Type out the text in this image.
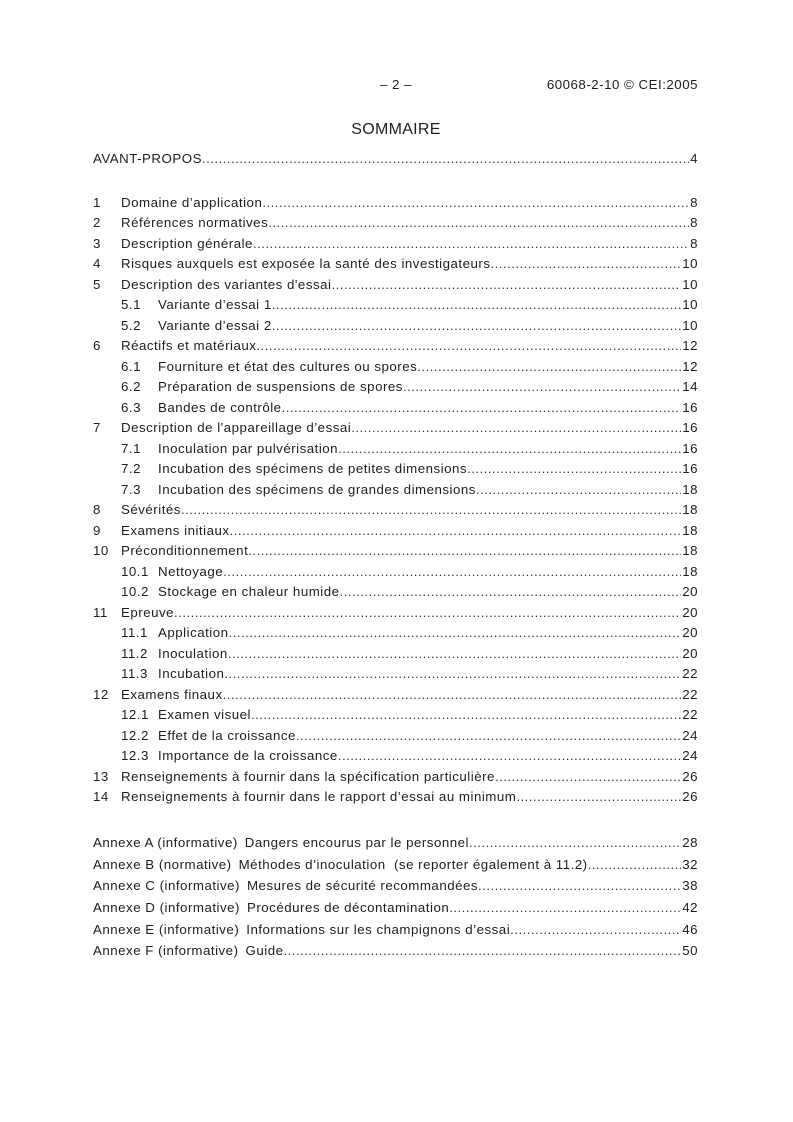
– 2 –	60068-2-10 © CEI:2005
SOMMAIRE
AVANT-PROPOS .....	4
1	Domaine d’application .....	8
2	Références normatives .....	8
3	Description générale .....	8
4	Risques auxquels est exposée la santé des investigateurs .....	10
5	Description des variantes d'essai .....	10
5.1	Variante d’essai 1 .....	10
5.2	Variante d’essai 2 .....	10
6	Réactifs et matériaux .....	12
6.1	Fourniture et état des cultures ou spores .....	12
6.2	Préparation de suspensions de spores .....	14
6.3	Bandes de contrôle .....	16
7	Description de l'appareillage d’essai .....	16
7.1	Inoculation par pulvérisation .....	16
7.2	Incubation des spécimens de petites dimensions .....	16
7.3	Incubation des spécimens de grandes dimensions .....	18
8	Sévérités .....	18
9	Examens initiaux .....	18
10 Préconditionnement .....	18
10.1 Nettoyage .....	18
10.2 Stockage en chaleur humide .....	20
11 Epreuve .....	20
11.1 Application .....	20
11.2 Inoculation .....	20
11.3 Incubation .....	22
12 Examens finaux .....	22
12.1 Examen visuel .....	22
12.2 Effet de la croissance .....	24
12.3 Importance de la croissance .....	24
13 Renseignements à fournir dans la spécification particulière .....	26
14 Renseignements à fournir dans le rapport d’essai au minimum .....	26
Annexe A (informative) Dangers encourus par le personnel .....	28
Annexe B (normative) Méthodes d’inoculation  (se reporter également à 11.2) .....	32
Annexe C (informative) Mesures de sécurité recommandées .....	38
Annexe D (informative) Procédures de décontamination .....	42
Annexe E (informative) Informations sur les champignons d’essai .....	46
Annexe F (informative) Guide .....	50
